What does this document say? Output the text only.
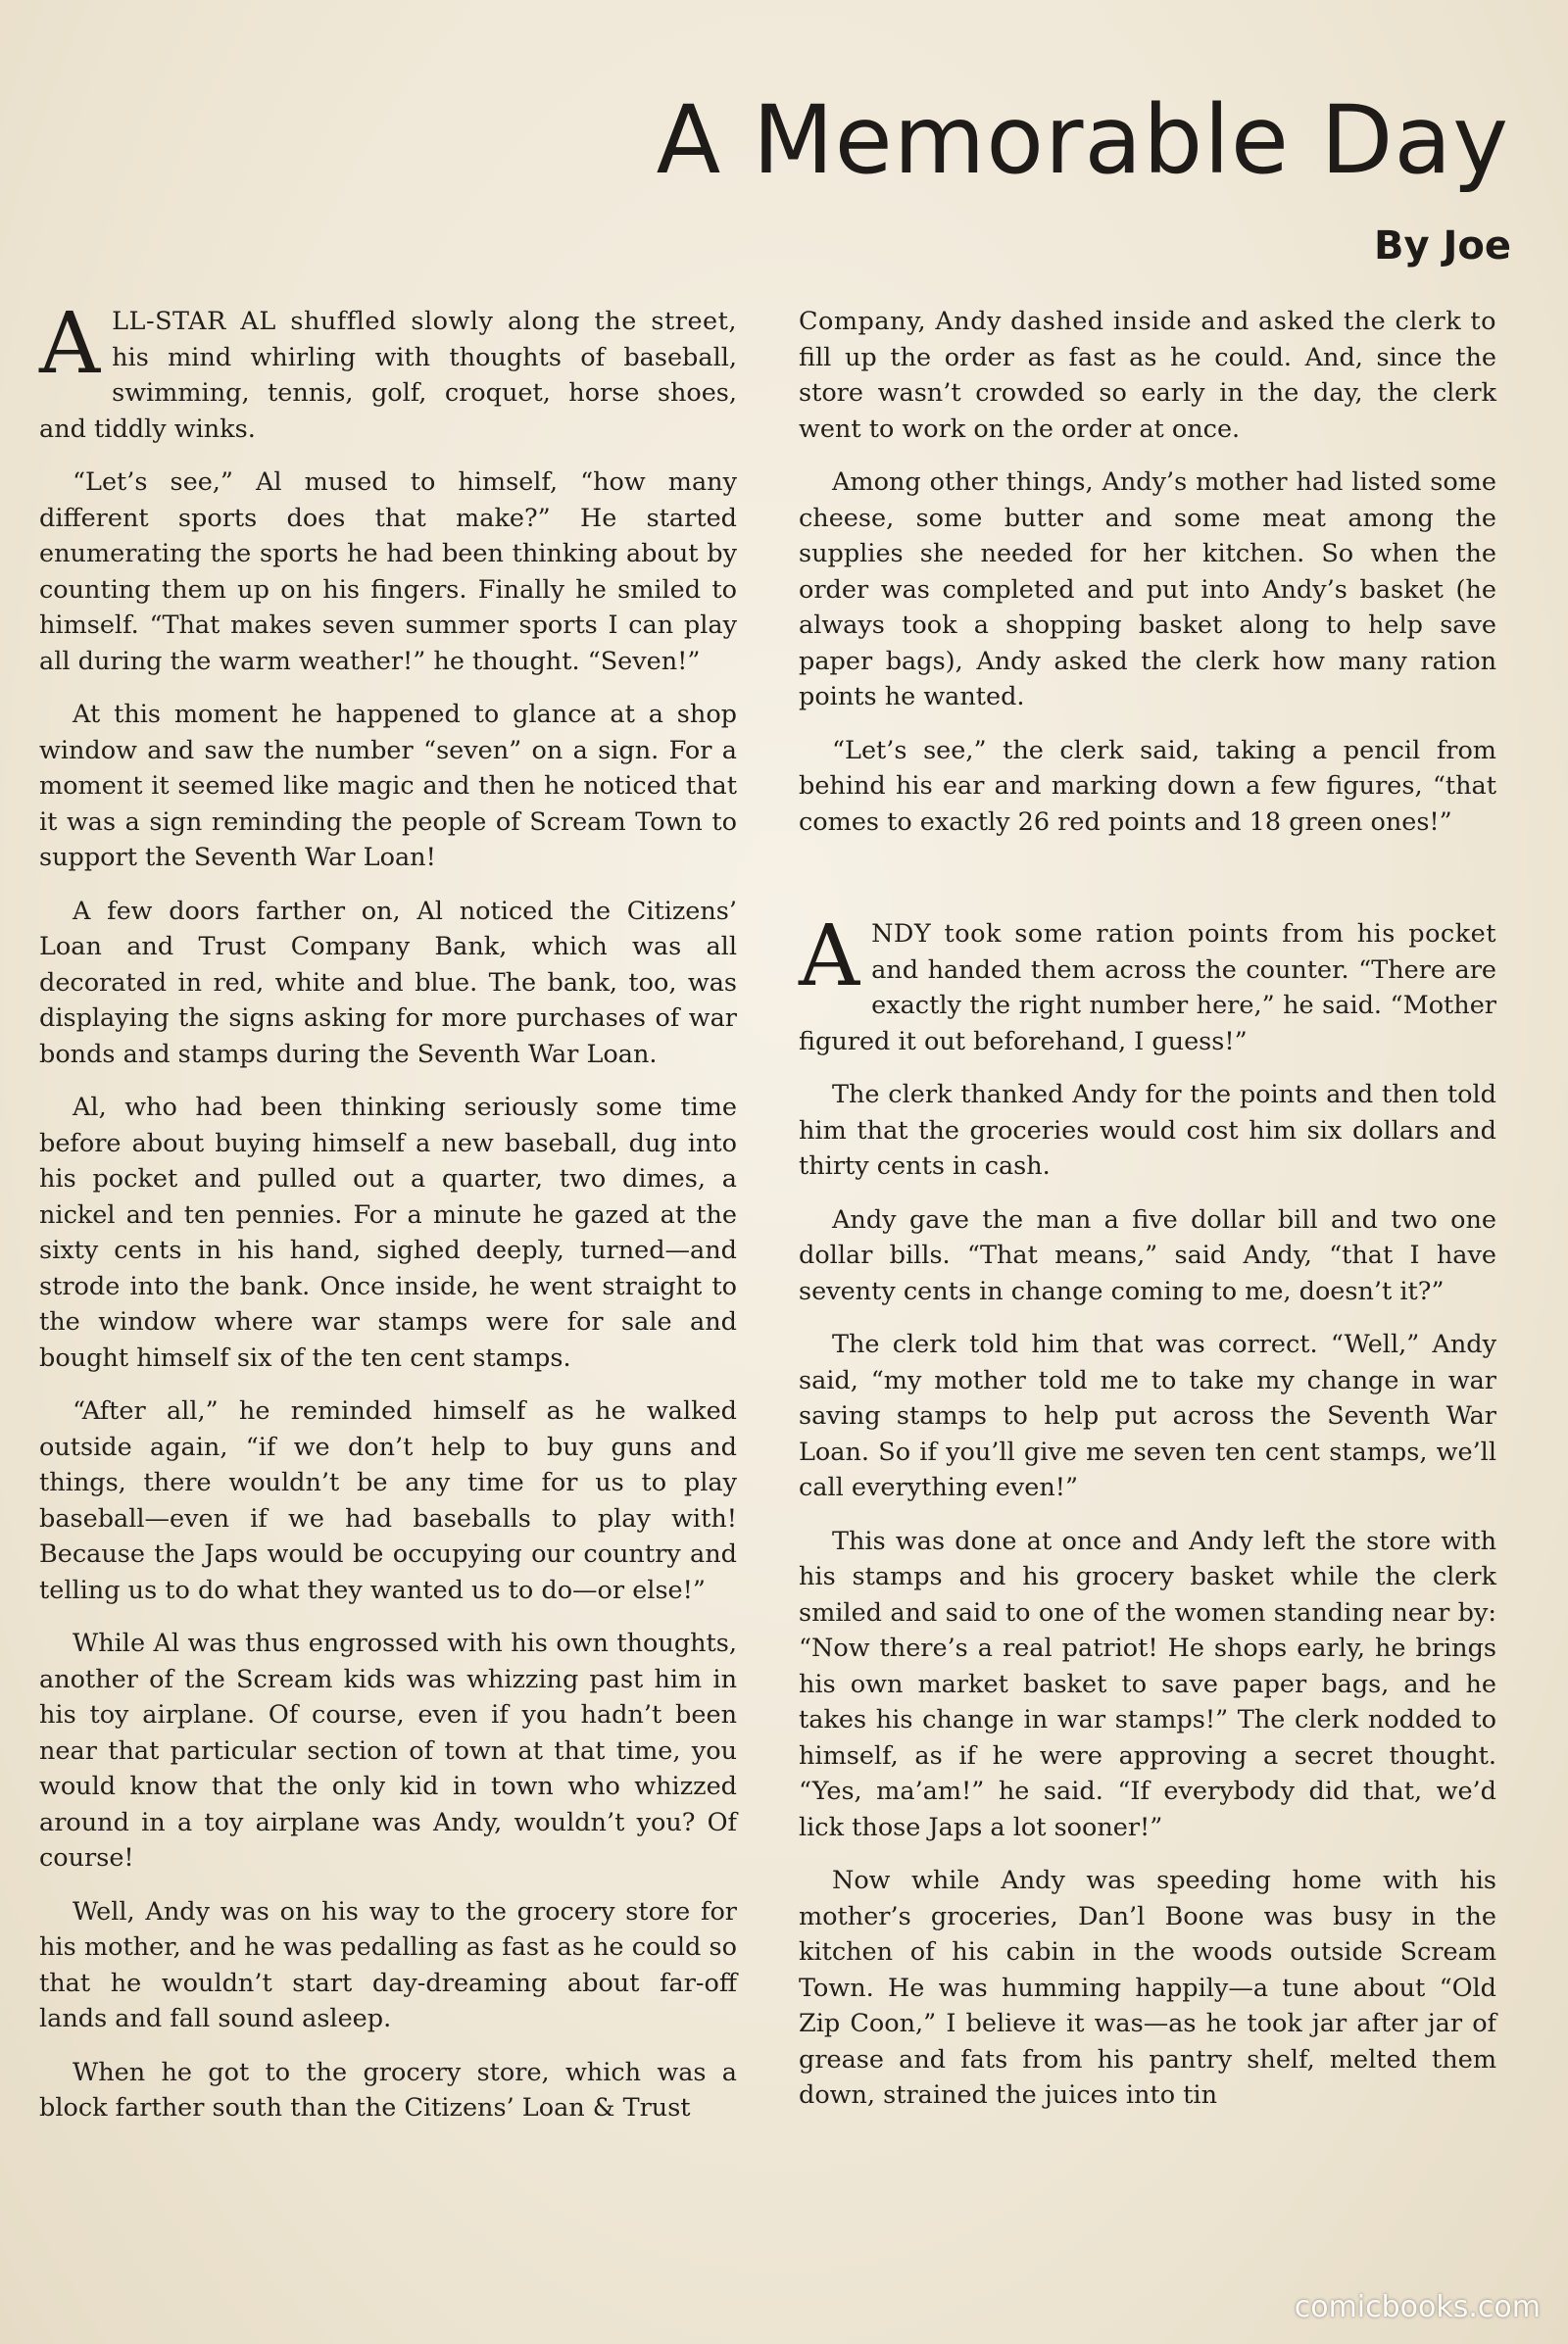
A Memorable Day
By Joe

ALL-STAR AL shuffled slowly along the street, his mind whirling with thoughts of baseball, swimming, tennis, golf, croquet, horse shoes, and tiddly winks.

“Let’s see,” Al mused to himself, “how many different sports does that make?” He started enumerating the sports he had been thinking about by counting them up on his fingers. Finally he smiled to himself. “That makes seven summer sports I can play all during the warm weather!” he thought. “Seven!”

At this moment he happened to glance at a shop window and saw the number “seven” on a sign. For a moment it seemed like magic and then he noticed that it was a sign reminding the people of Scream Town to support the Seventh War Loan!

A few doors farther on, Al noticed the Citizens’ Loan and Trust Company Bank, which was all decorated in red, white and blue. The bank, too, was displaying the signs asking for more purchases of war bonds and stamps during the Seventh War Loan.

Al, who had been thinking seriously some time before about buying himself a new baseball, dug into his pocket and pulled out a quarter, two dimes, a nickel and ten pennies. For a minute he gazed at the sixty cents in his hand, sighed deeply, turned—and strode into the bank. Once inside, he went straight to the window where war stamps were for sale and bought himself six of the ten cent stamps.

“After all,” he reminded himself as he walked outside again, “if we don’t help to buy guns and things, there wouldn’t be any time for us to play baseball—even if we had baseballs to play with! Because the Japs would be occupying our country and telling us to do what they wanted us to do—or else!”

While Al was thus engrossed with his own thoughts, another of the Scream kids was whizzing past him in his toy airplane. Of course, even if you hadn’t been near that particular section of town at that time, you would know that the only kid in town who whizzed around in a toy airplane was Andy, wouldn’t you? Of course!

Well, Andy was on his way to the grocery store for his mother, and he was pedalling as fast as he could so that he wouldn’t start day-dreaming about far-off lands and fall sound asleep.

When he got to the grocery store, which was a block farther south than the Citizens’ Loan & Trust

Company, Andy dashed inside and asked the clerk to fill up the order as fast as he could. And, since the store wasn’t crowded so early in the day, the clerk went to work on the order at once.

Among other things, Andy’s mother had listed some cheese, some butter and some meat among the supplies she needed for her kitchen. So when the order was completed and put into Andy’s basket (he always took a shopping basket along to help save paper bags), Andy asked the clerk how many ration points he wanted.

“Let’s see,” the clerk said, taking a pencil from behind his ear and marking down a few figures, “that comes to exactly 26 red points and 18 green ones!”

ANDY took some ration points from his pocket and handed them across the counter. “There are exactly the right number here,” he said. “Mother figured it out beforehand, I guess!”

The clerk thanked Andy for the points and then told him that the groceries would cost him six dollars and thirty cents in cash.

Andy gave the man a five dollar bill and two one dollar bills. “That means,” said Andy, “that I have seventy cents in change coming to me, doesn’t it?”

The clerk told him that was correct. “Well,” Andy said, “my mother told me to take my change in war saving stamps to help put across the Seventh War Loan. So if you’ll give me seven ten cent stamps, we’ll call everything even!”

This was done at once and Andy left the store with his stamps and his grocery basket while the clerk smiled and said to one of the women standing near by: “Now there’s a real patriot! He shops early, he brings his own market basket to save paper bags, and he takes his change in war stamps!” The clerk nodded to himself, as if he were approving a secret thought. “Yes, ma’am!” he said. “If everybody did that, we’d lick those Japs a lot sooner!”

Now while Andy was speeding home with his mother’s groceries, Dan’l Boone was busy in the kitchen of his cabin in the woods outside Scream Town. He was humming happily—a tune about “Old Zip Coon,” I believe it was—as he took jar after jar of grease and fats from his pantry shelf, melted them down, strained the juices into tin

comicbooks.com
